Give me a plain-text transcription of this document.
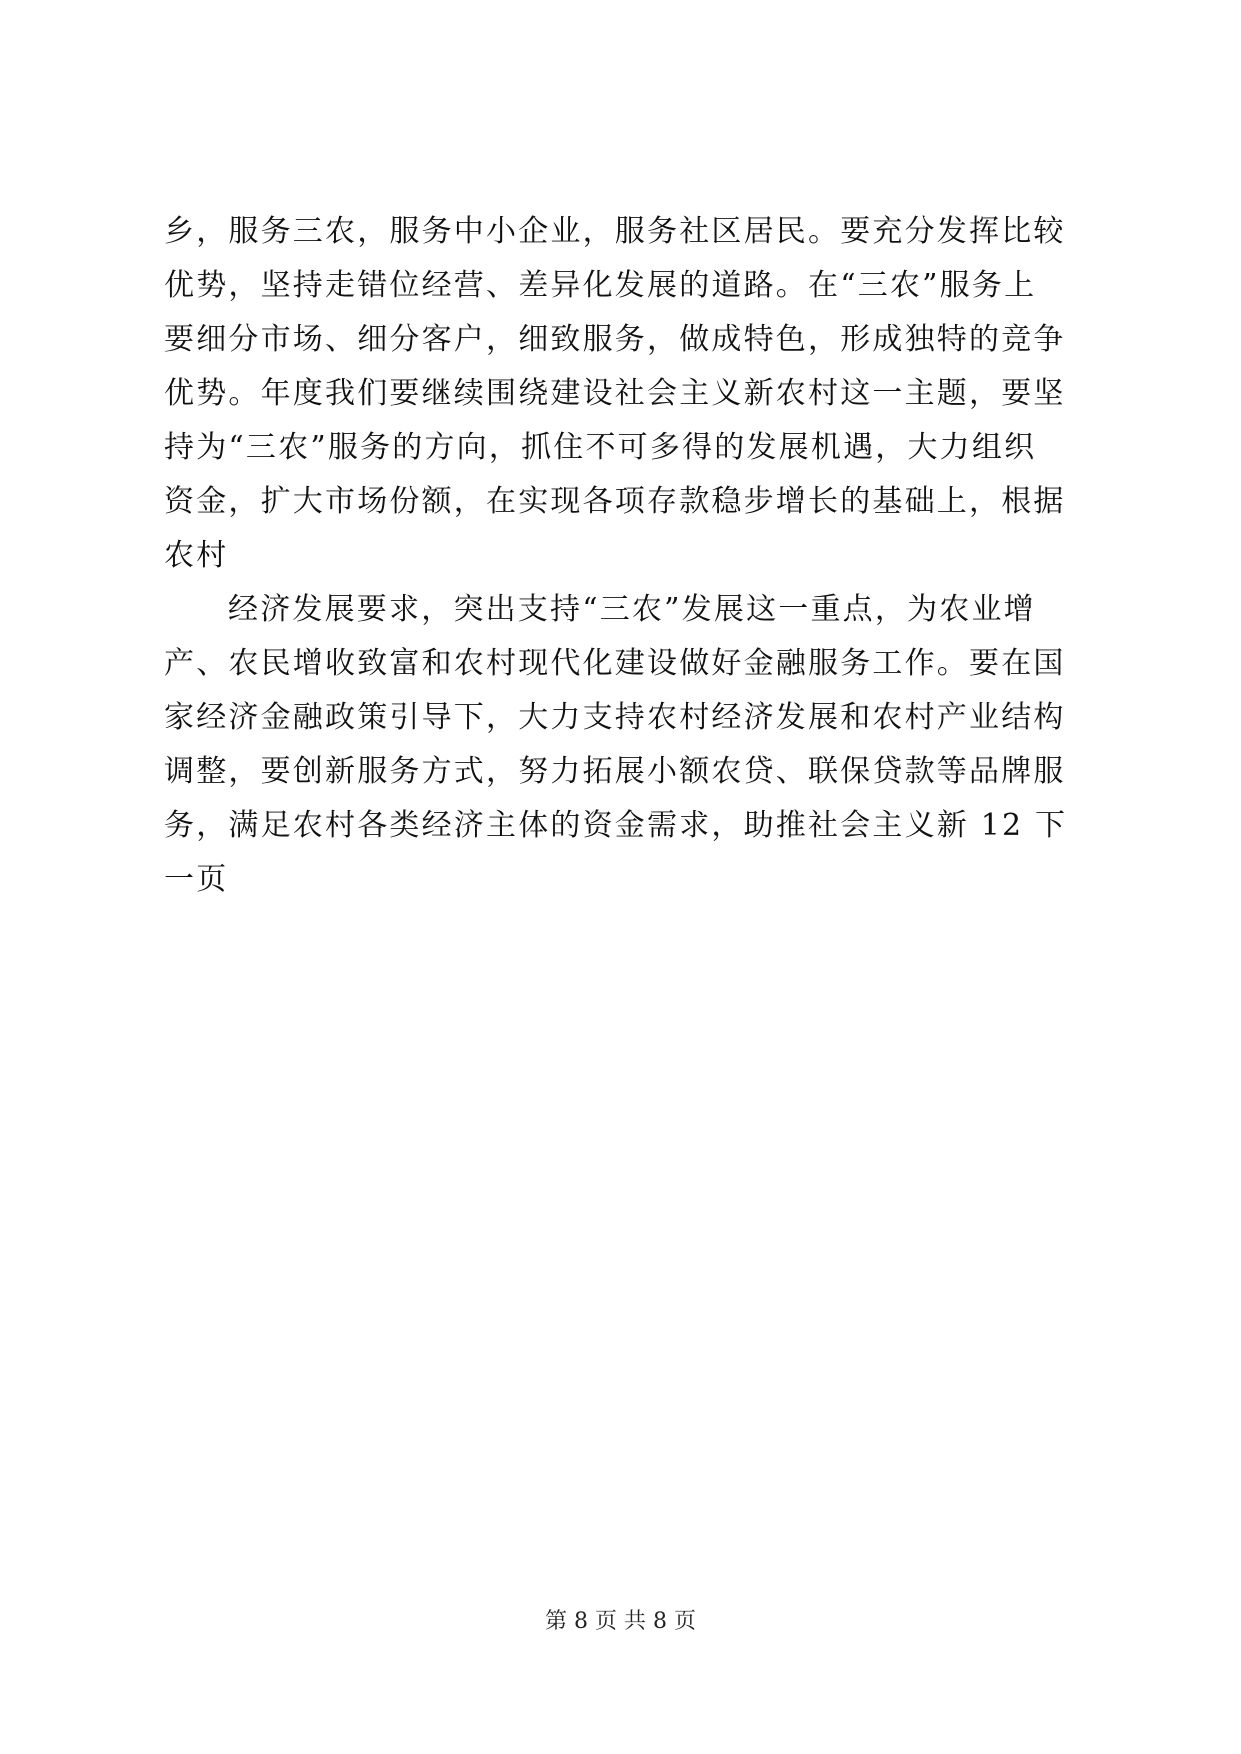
乡，服务三农，服务中小企业，服务社区居民。要充分发挥比较
优势，坚持走错位经营、差异化发展的道路。在“三农”服务上
要细分市场、细分客户，细致服务，做成特色，形成独特的竞争
优势。年度我们要继续围绕建设社会主义新农村这一主题，要坚
持为“三农”服务的方向，抓住不可多得的发展机遇，大力组织
资金，扩大市场份额，在实现各项存款稳步增长的基础上，根据
农村
经济发展要求，突出支持“三农”发展这一重点，为农业增
产、农民增收致富和农村现代化建设做好金融服务工作。要在国
家经济金融政策引导下，大力支持农村经济发展和农村产业结构
调整，要创新服务方式，努力拓展小额农贷、联保贷款等品牌服
务，满足农村各类经济主体的资金需求，助推社会主义新 12 下
一页
第 8 页 共 8 页
